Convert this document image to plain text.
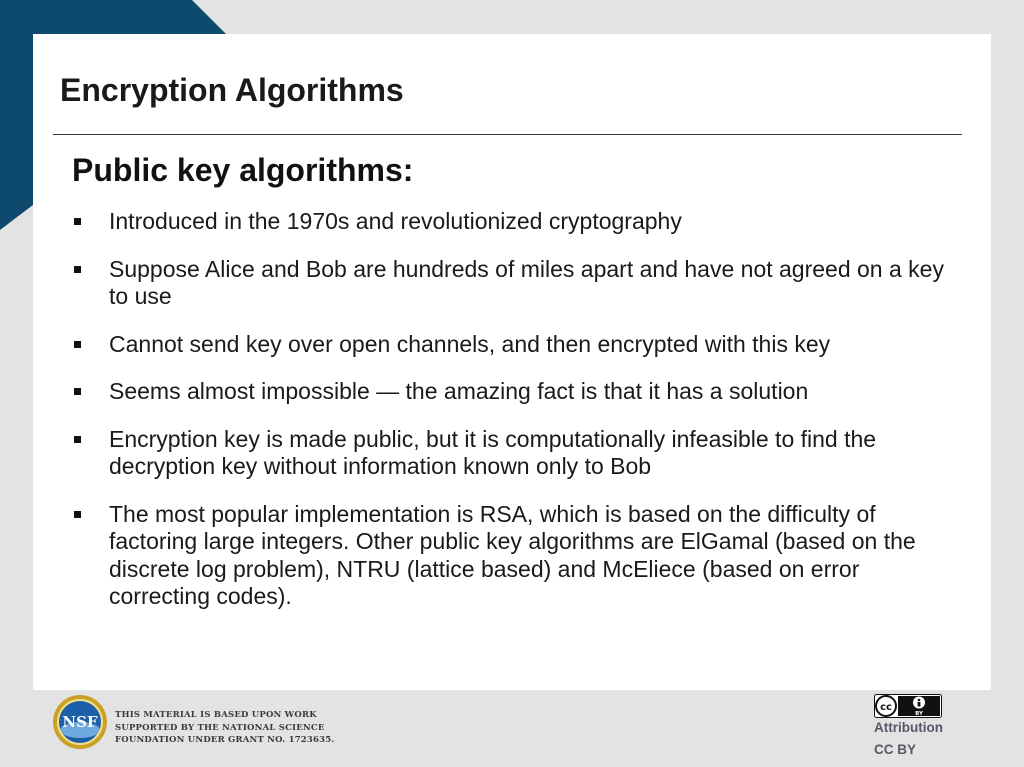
Encryption Algorithms
Public key algorithms:
Introduced in the 1970s and revolutionized cryptography
Suppose Alice and Bob are hundreds of miles apart and have not agreed on a key to use
Cannot send key over open channels, and then encrypted with this key
Seems almost impossible — the amazing fact is that it has a solution
Encryption key is made public, but it is computationally infeasible to find the decryption key without information known only to Bob
The most popular implementation is RSA, which is based on the difficulty of factoring large integers. Other public key algorithms are ElGamal (based on the discrete log problem), NTRU (lattice based) and McEliece (based on error correcting codes).
NSF THIS MATERIAL IS BASED UPON WORK
SUPPORTED BY THE NATIONAL SCIENCE
FOUNDATION UNDER GRANT NO. 1723635.
cc
BY
Attribution
CC BY
